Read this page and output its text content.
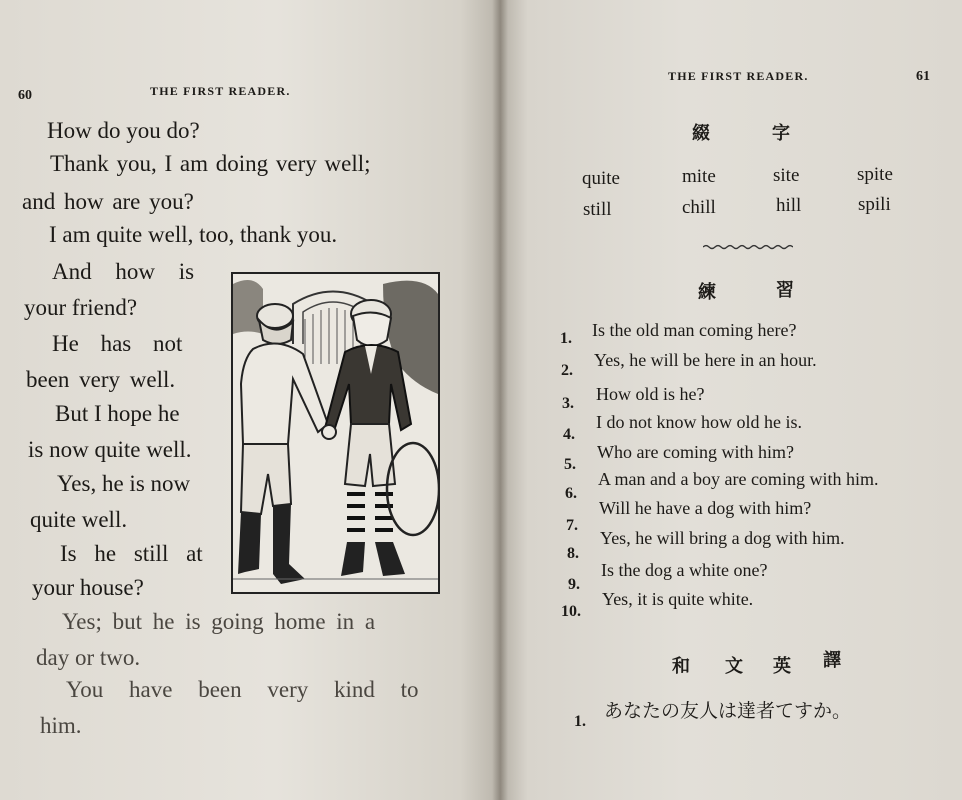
60	THE FIRST READER.
How do you do?
Thank you, I am doing very well;
and how are you?
I am quite well, too, thank you.
And how is
your friend?
He has not
been very well.
But I hope he
is now quite well.
Yes, he is now
quite well.
Is he still at
your house?
Yes; but he is going home in a
day or two.
You have been very kind to
him.
THE FIRST READER.	61
綴	字
quite	mite	site	spite
still	chill	hill	spili
練	習
1. Is the old man coming here?
2.
Yes, he will be here in an hour.
3. How old is he?
4.
I do not know how old he is.
5.
Who are coming with him?
6.
A man and a boy are coming with him.
7.
Will he have a dog with him?
8.
Yes, he will bring a dog with him.
9.
Is the dog a white one?
10.
Yes, it is quite white.
和 文 英 譯
1. あなたの友人は達者てすか。
